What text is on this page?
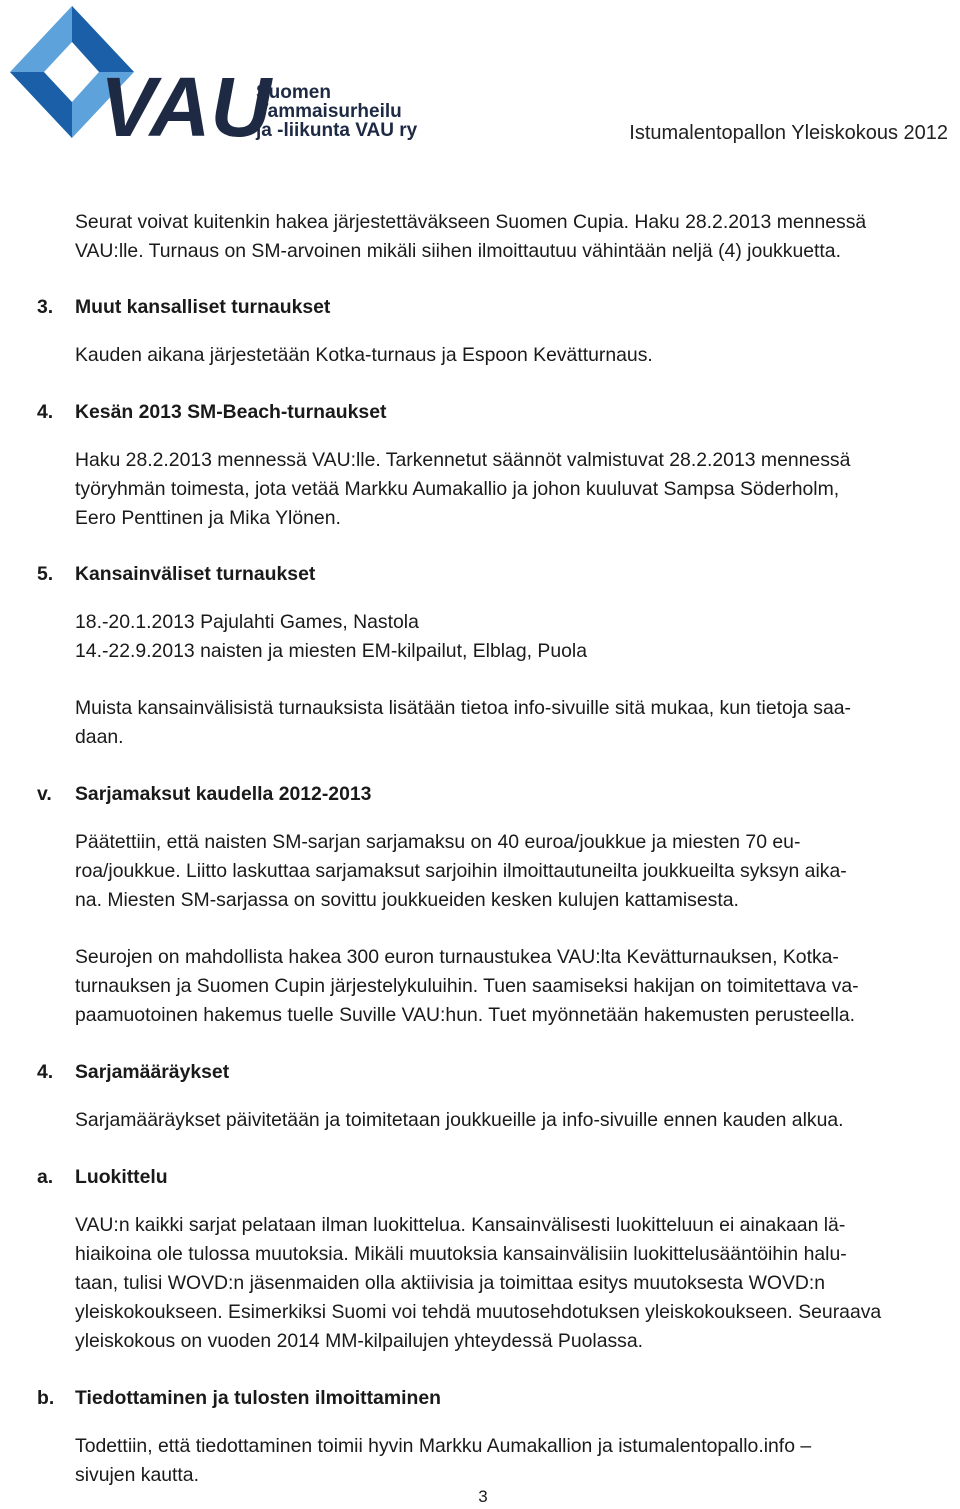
VAU
Suomen
Vammaisurheilu
ja -liikunta VAU ry	Istumalentopallon Yleiskokous 2012
Seurat voivat kuitenkin hakea järjestettäväkseen Suomen Cupia. Haku 28.2.2013 mennessä
VAU:lle. Turnaus on SM-arvoinen mikäli siihen ilmoittautuu vähintään neljä (4) joukkuetta.
3. Muut kansalliset turnaukset
Kauden aikana järjestetään Kotka-turnaus ja Espoon Kevätturnaus.
4. Kesän 2013 SM-Beach-turnaukset
Haku 28.2.2013 mennessä VAU:lle. Tarkennetut säännöt valmistuvat 28.2.2013 mennessä
työryhmän toimesta, jota vetää Markku Aumakallio ja johon kuuluvat Sampsa Söderholm,
Eero Penttinen ja Mika Ylönen.
5. Kansainväliset turnaukset
18.-20.1.2013 Pajulahti Games, Nastola
14.-22.9.2013 naisten ja miesten EM-kilpailut, Elblag, Puola
Muista kansainvälisistä turnauksista lisätään tietoa info-sivuille sitä mukaa, kun tietoja saa-
daan.
v. Sarjamaksut kaudella 2012-2013
Päätettiin, että naisten SM-sarjan sarjamaksu on 40 euroa/joukkue ja miesten 70 eu-
roa/joukkue. Liitto laskuttaa sarjamaksut sarjoihin ilmoittautuneilta joukkueilta syksyn aika-
na. Miesten SM-sarjassa on sovittu joukkueiden kesken kulujen kattamisesta.
Seurojen on mahdollista hakea 300 euron turnaustukea VAU:lta Kevätturnauksen, Kotka-
turnauksen ja Suomen Cupin järjestelykuluihin. Tuen saamiseksi hakijan on toimitettava va-
paamuotoinen hakemus tuelle Suville VAU:hun. Tuet myönnetään hakemusten perusteella.
4. Sarjamääräykset
Sarjamääräykset päivitetään ja toimitetaan joukkueille ja info-sivuille ennen kauden alkua.
a. Luokittelu
VAU:n kaikki sarjat pelataan ilman luokittelua. Kansainvälisesti luokitteluun ei ainakaan lä-
hiaikoina ole tulossa muutoksia. Mikäli muutoksia kansainvälisiin luokittelusääntöihin halu-
taan, tulisi WOVD:n jäsenmaiden olla aktiivisia ja toimittaa esitys muutoksesta WOVD:n
yleiskokoukseen. Esimerkiksi Suomi voi tehdä muutosehdotuksen yleiskokoukseen. Seuraava
yleiskokous on vuoden 2014 MM-kilpailujen yhteydessä Puolassa.
b. Tiedottaminen ja tulosten ilmoittaminen
Todettiin, että tiedottaminen toimii hyvin Markku Aumakallion ja istumalentopallo.info –
sivujen kautta.
3
